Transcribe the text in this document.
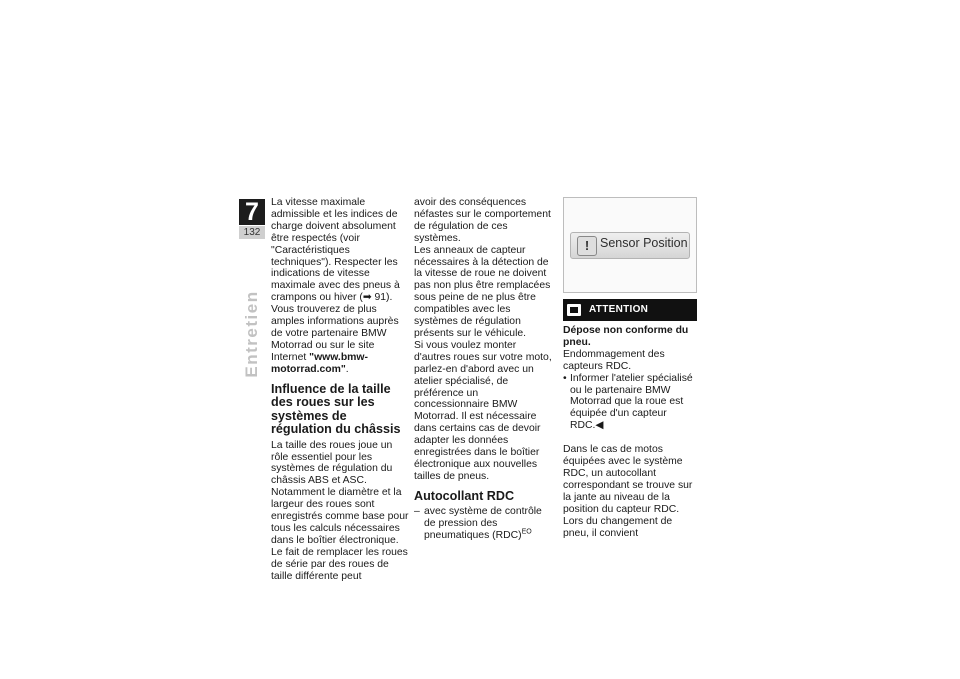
7
132
Entretien

La vitesse maximale admissible et les indices de charge doivent absolument être respectés (voir "Caractéristiques techniques"). Respecter les indications de vitesse maximale avec des pneus à crampons ou hiver (➡ 91).

Vous trouverez de plus amples informations auprès de votre partenaire BMW Motorrad ou sur le site Internet "www.bmw-motorrad.com".

Influence de la taille des roues sur les systèmes de régulation du châssis

La taille des roues joue un rôle essentiel pour les systèmes de régulation du châssis ABS et ASC. Notamment le diamètre et la largeur des roues sont enregistrés comme base pour tous les calculs nécessaires dans le boîtier électronique. Le fait de remplacer les roues de série par des roues de taille différente peut

avoir des conséquences néfastes sur le comportement de régulation de ces systèmes.

Les anneaux de capteur nécessaires à la détection de la vitesse de roue ne doivent pas non plus être remplacées sous peine de ne plus être compatibles avec les systèmes de régulation présents sur le véhicule.

Si vous voulez monter d'autres roues sur votre moto, parlez-en d'abord avec un atelier spécialisé, de préférence un concessionnaire BMW Motorrad. Il est nécessaire dans certains cas de devoir adapter les données enregistrées dans le boîtier électronique aux nouvelles tailles de pneus.

Autocollant RDC
– avec système de contrôle de pression des pneumatiques (RDC)$^{EO}$
! Sensor Position
ATTENTION

Dépose non conforme du pneu.

Endommagement des capteurs RDC.

• Informer l'atelier spécialisé ou le partenaire BMW Motorrad que la roue est équipée d'un capteur RDC.◀

Dans le cas de motos équipées avec le système RDC, un autocollant correspondant se trouve sur la jante au niveau de la position du capteur RDC. Lors du changement de pneu, il convient
